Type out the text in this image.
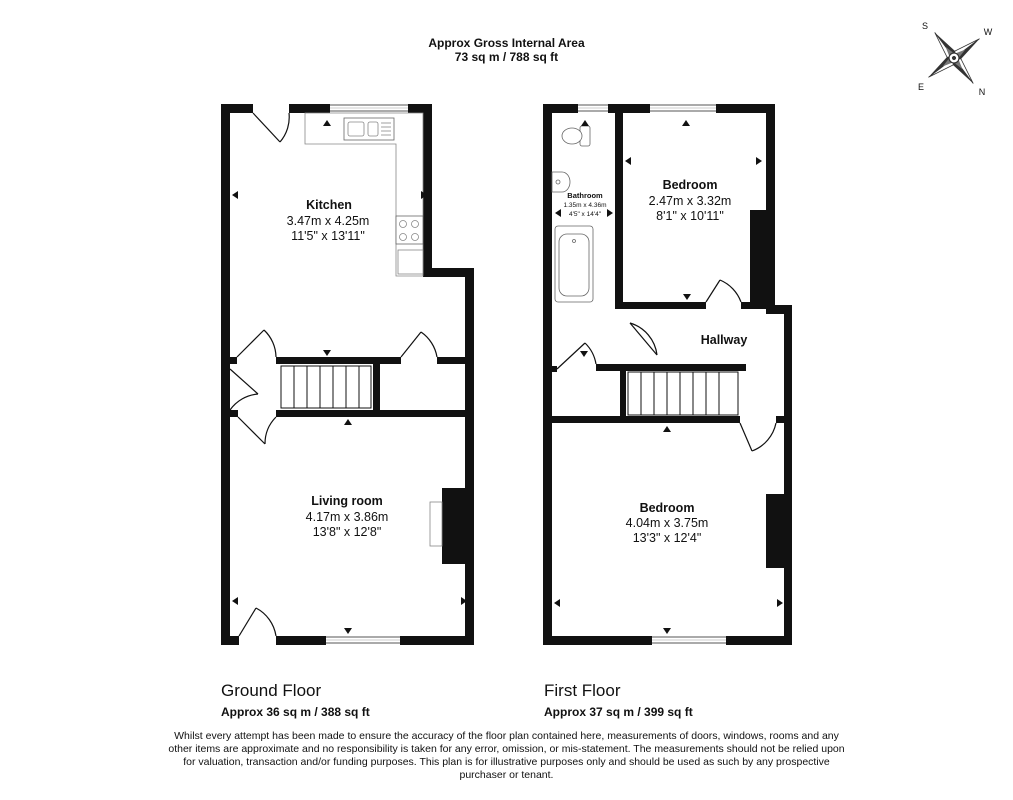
Approx Gross Internal Area
73 sq m / 788 sq ft
S
W
E	N
Kitchen
3.47m x 4.25m
11'5" x 13'11"
Living room
4.17m x 3.86m
13'8" x 12'8"
Bathroom
1.35m x 4.36m
4'5" x 14'4"
Bedroom
2.47m x 3.32m
8'1" x 10'11"
Hallway
Bedroom
4.04m x 3.75m
13'3" x 12'4"
Ground Floor
Approx 36 sq m / 388 sq ft
First Floor
Approx 37 sq m / 399 sq ft
Whilst every attempt has been made to ensure the accuracy of the floor plan contained here, measurements of doors, windows, rooms and any other items are approximate and no responsibility is taken for any error, omission, or mis-statement. The measurements should not be relied upon for valuation, transaction and/or funding purposes. This plan is for illustrative purposes only and should be used as such by any prospective purchaser or tenant.
